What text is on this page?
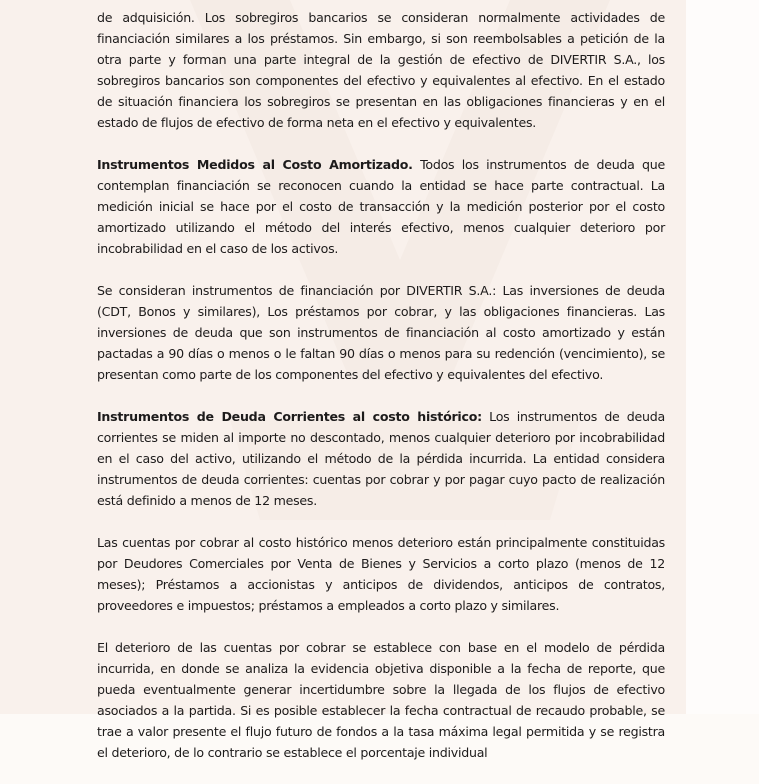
de adquisición. Los sobregiros bancarios se consideran normalmente actividades de financiación similares a los préstamos. Sin embargo, si son reembolsables a petición de la otra parte y forman una parte integral de la gestión de efectivo de DIVERTIR S.A., los sobregiros bancarios son componentes del efectivo y equivalentes al efectivo. En el estado de situación financiera los sobregiros se presentan en las obligaciones financieras y en el estado de flujos de efectivo de forma neta en el efectivo y equivalentes.

Instrumentos Medidos al Costo Amortizado. Todos los instrumentos de deuda que contemplan financiación se reconocen cuando la entidad se hace parte contractual. La medición inicial se hace por el costo de transacción y la medición posterior por el costo amortizado utilizando el método del interés efectivo, menos cualquier deterioro por incobrabilidad en el caso de los activos.

Se consideran instrumentos de financiación por DIVERTIR S.A.: Las inversiones de deuda (CDT, Bonos y similares), Los préstamos por cobrar, y las obligaciones financieras. Las inversiones de deuda que son instrumentos de financiación al costo amortizado y están pactadas a 90 días o menos o le faltan 90 días o menos para su redención (vencimiento), se presentan como parte de los componentes del efectivo y equivalentes del efectivo.

Instrumentos de Deuda Corrientes al costo histórico: Los instrumentos de deuda corrientes se miden al importe no descontado, menos cualquier deterioro por incobrabilidad en el caso del activo, utilizando el método de la pérdida incurrida. La entidad considera instrumentos de deuda corrientes: cuentas por cobrar y por pagar cuyo pacto de realización está definido a menos de 12 meses.

Las cuentas por cobrar al costo histórico menos deterioro están principalmente constituidas por Deudores Comerciales por Venta de Bienes y Servicios a corto plazo (menos de 12 meses); Préstamos a accionistas y anticipos de dividendos, anticipos de contratos, proveedores e impuestos; préstamos a empleados a corto plazo y similares.

El deterioro de las cuentas por cobrar se establece con base en el modelo de pérdida incurrida, en donde se analiza la evidencia objetiva disponible a la fecha de reporte, que pueda eventualmente generar incertidumbre sobre la llegada de los flujos de efectivo asociados a la partida. Si es posible establecer la fecha contractual de recaudo probable, se trae a valor presente el flujo futuro de fondos a la tasa máxima legal permitida y se registra el deterioro, de lo contrario se establece el porcentaje individual
